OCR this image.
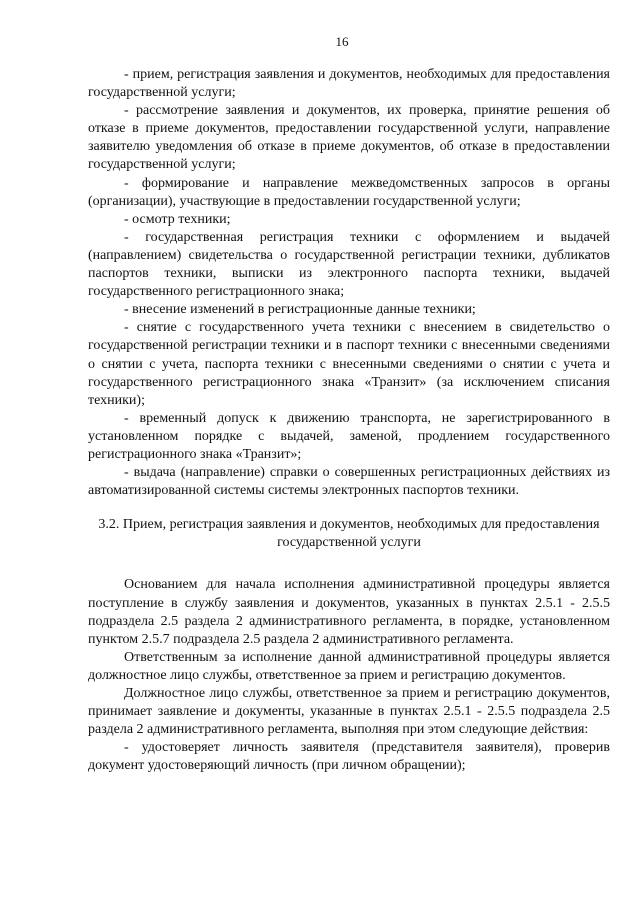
16

- прием, регистрация заявления и документов, необходимых для предоставления государственной услуги;

- рассмотрение заявления и документов, их проверка, принятие решения об отказе в приеме документов, предоставлении государственной услуги, направление заявителю уведомления об отказе в приеме документов, об отказе в предоставлении государственной услуги;

- формирование и направление межведомственных запросов в органы (организации), участвующие в предоставлении государственной услуги;

- осмотр техники;

- государственная регистрация техники с оформлением и выдачей (направлением) свидетельства о государственной регистрации техники, дубликатов паспортов техники, выписки из электронного паспорта техники, выдачей государственного регистрационного знака;

- внесение изменений в регистрационные данные техники;

- снятие с государственного учета техники с внесением в свидетельство о государственной регистрации техники и в паспорт техники с внесенными сведениями о снятии с учета, паспорта техники с внесенными сведениями о снятии с учета и государственного регистрационного знака «Транзит» (за исключением списания техники);

- временный допуск к движению транспорта, не зарегистрированного в установленном порядке с выдачей, заменой, продлением государственного регистрационного знака «Транзит»;

- выдача (направление) справки о совершенных регистрационных действиях из автоматизированной системы системы электронных паспортов техники.

3.2. Прием, регистрация заявления и документов, необходимых для предоставления государственной услуги

Основанием для начала исполнения административной процедуры является поступление в службу заявления и документов, указанных в пунктах 2.5.1 - 2.5.5 подраздела 2.5 раздела 2 административного регламента, в порядке, установленном пунктом 2.5.7 подраздела 2.5 раздела 2 административного регламента.

Ответственным за исполнение данной административной процедуры является должностное лицо службы, ответственное за прием и регистрацию документов.

Должностное лицо службы, ответственное за прием и регистрацию документов, принимает заявление и документы, указанные в пунктах 2.5.1 - 2.5.5 подраздела 2.5 раздела 2 административного регламента, выполняя при этом следующие действия:

- удостоверяет личность заявителя (представителя заявителя), проверив документ удостоверяющий личность (при личном обращении);
